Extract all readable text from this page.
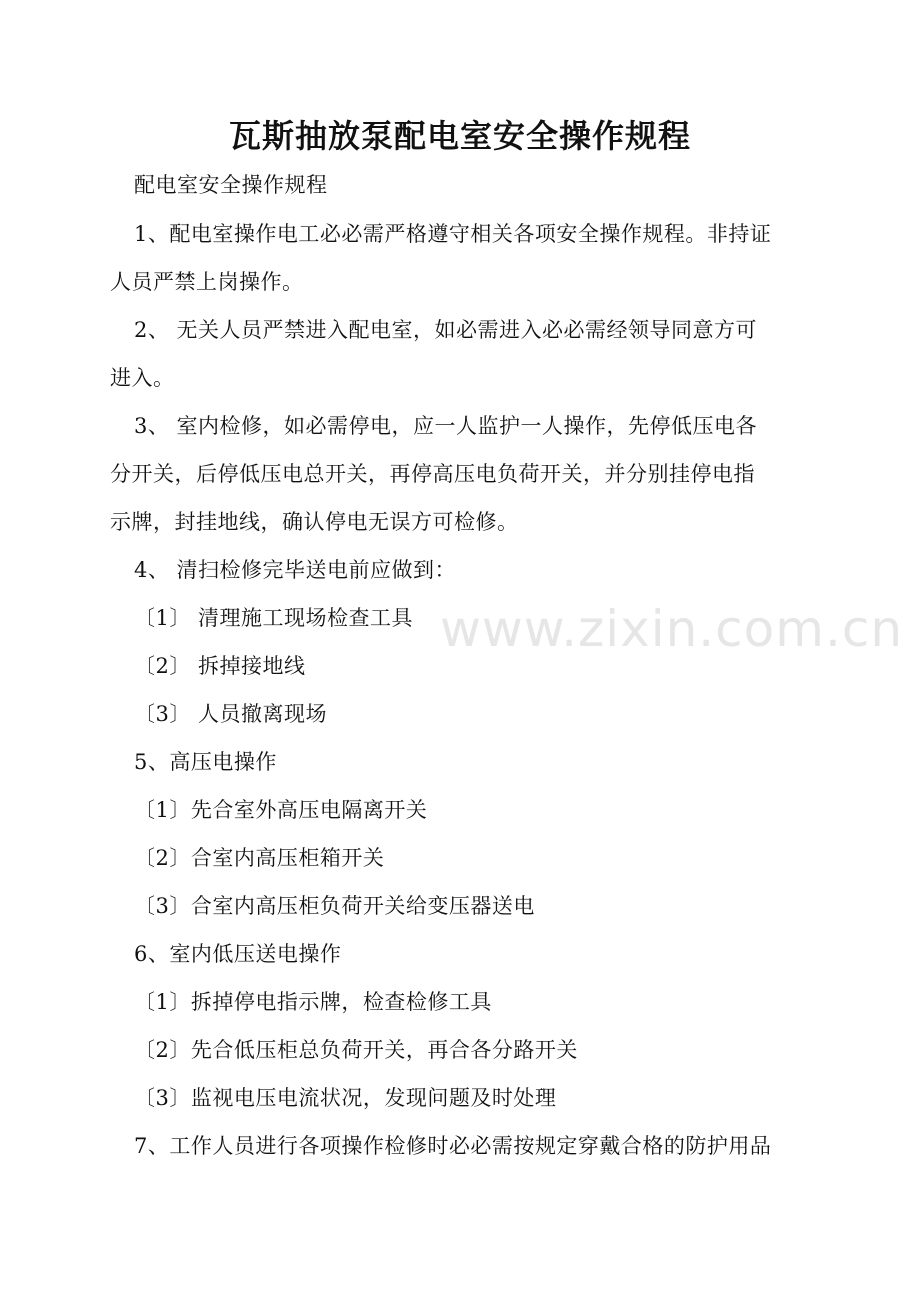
瓦斯抽放泵配电室安全操作规程

配电室安全操作规程

1、配电室操作电工必必需严格遵守相关各项安全操作规程。非持证

人员严禁上岗操作。

2、 无关人员严禁进入配电室，如必需进入必必需经领导同意方可

进入。

3、 室内检修，如必需停电，应一人监护一人操作，先停低压电各

分开关，后停低压电总开关，再停高压电负荷开关，并分别挂停电指

示牌，封挂地线，确认停电无误方可检修。

4、 清扫检修完毕送电前应做到：

〔1〕 清理施工现场检查工具

〔2〕 拆掉接地线

〔3〕 人员撤离现场

5、高压电操作

〔1〕先合室外高压电隔离开关

〔2〕合室内高压柜箱开关

〔3〕合室内高压柜负荷开关给变压器送电

6、室内低压送电操作

〔1〕拆掉停电指示牌，检查检修工具

〔2〕先合低压柜总负荷开关，再合各分路开关

〔3〕监视电压电流状况，发现问题及时处理

7、工作人员进行各项操作检修时必必需按规定穿戴合格的防护用品

www.zixin.com.cn
